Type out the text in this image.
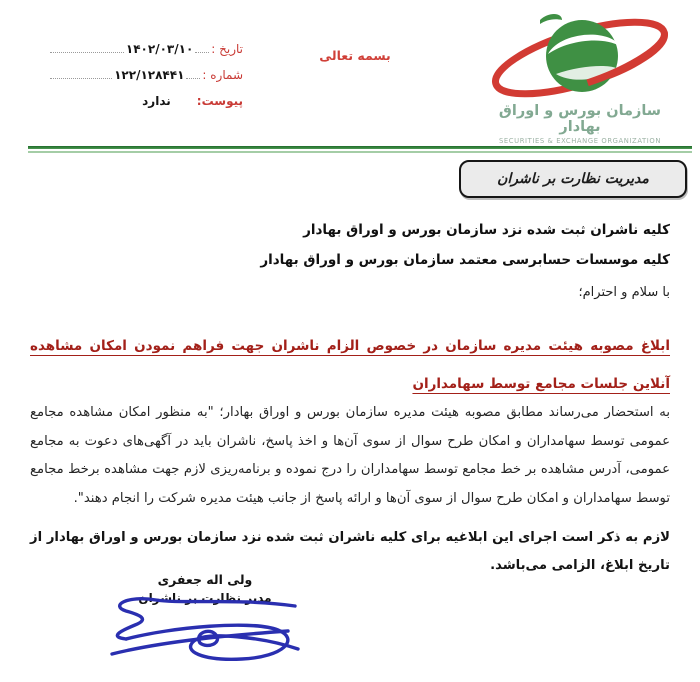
تاریخ :
۱۴۰۲/۰۳/۱۰
شماره :
۱۲۲/۱۲۸۴۴۱
پیوست:
ندارد
بسمه تعالی
سازمان بورس و اوراق بهادار
SECURITIES & EXCHANGE ORGANIZATION
مدیریت نظارت بر ناشران
کلیه ناشران ثبت شده نزد سازمان بورس و اوراق بهادار
کلیه موسسات حسابرسی معتمد سازمان بورس و اوراق بهادار
با سلام و احترام؛
ابلاغ مصوبه هیئت مدیره سازمان در خصوص الزام ناشران جهت فراهم نمودن امکان مشاهده آنلاین جلسات مجامع توسط سهامداران
به استحضار می‌رساند مطابق مصوبه هیئت مدیره سازمان بورس و اوراق بهادار؛ "به منظور امکان مشاهده مجامع عمومی توسط سهامداران و امکان طرح سوال از سوی آن‌ها و اخذ پاسخ، ناشران باید در آگهی‌های دعوت به مجامع عمومی، آدرس مشاهده بر خط مجامع توسط سهامداران را درج نموده و برنامه‌ریزی لازم جهت مشاهده برخط مجامع توسط سهامداران و امکان طرح سوال از سوی آن‌ها و ارائه پاسخ از جانب هیئت مدیره شرکت را انجام دهند".
لازم به ذکر است اجرای این ابلاغیه برای کلیه ناشران ثبت شده نزد سازمان بورس و اوراق بهادار از تاریخ ابلاغ، الزامی می‌باشد.
ولی اله جعفری
مدیر نظارت بر ناشران
